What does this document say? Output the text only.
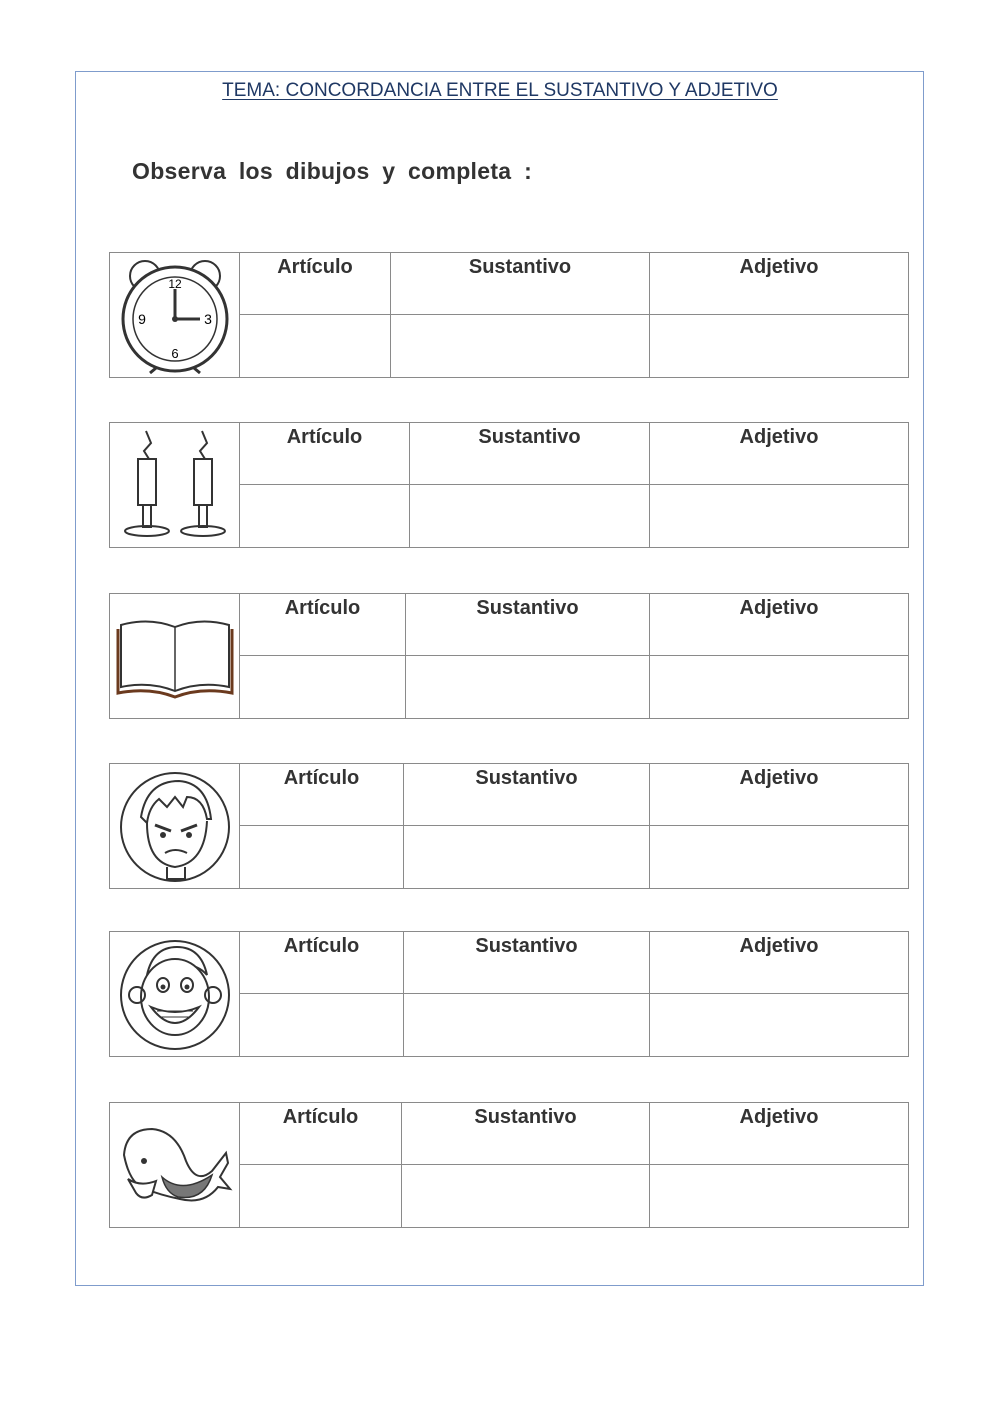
TEMA: CONCORDANCIA ENTRE EL SUSTANTIVO Y ADJETIVO
Observa los dibujos y completa :
12
3
6
9	Artículo	Sustantivo	Adjetivo

	Artículo	Sustantivo	Adjetivo

	Artículo	Sustantivo	Adjetivo

	Artículo	Sustantivo	Adjetivo

	Artículo	Sustantivo	Adjetivo

	Artículo	Sustantivo	Adjetivo
